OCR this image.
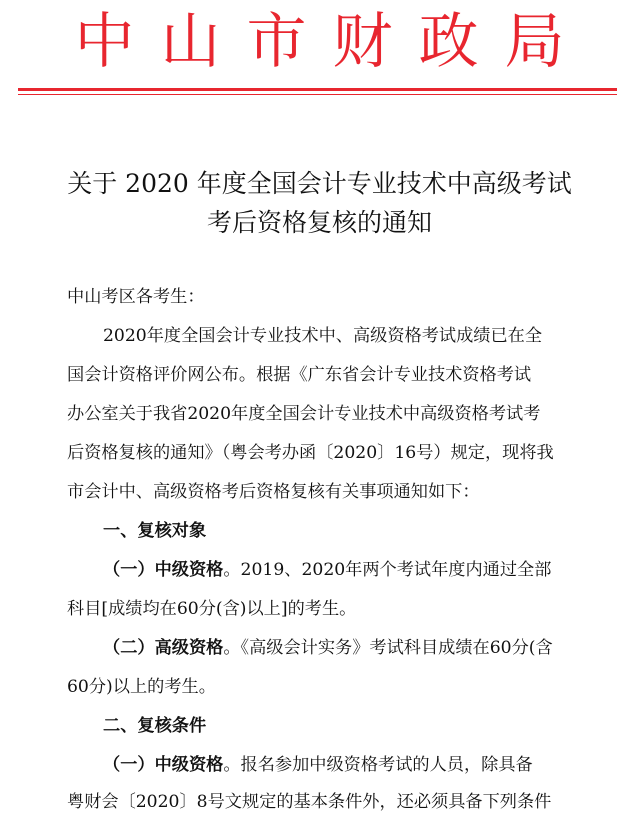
中山市财政局
关于 2020 年度全国会计专业技术中高级考试
考后资格复核的通知
中山考区各考生：
2020年度全国会计专业技术中、高级资格考试成绩已在全
国会计资格评价网公布。根据《广东省会计专业技术资格考试
办公室关于我省2020年度全国会计专业技术中高级资格考试考
后资格复核的通知》（粤会考办函〔2020〕16号）规定，现将我
市会计中、高级资格考后资格复核有关事项通知如下：
一、复核对象
（一）中级资格。2019、2020年两个考试年度内通过全部
科目[成绩均在60分(含)以上]的考生。
（二）高级资格。《高级会计实务》考试科目成绩在60分(含
60分)以上的考生。
二、复核条件
（一）中级资格。报名参加中级资格考试的人员，除具备
粤财会〔2020〕8号文规定的基本条件外，还必须具备下列条件
